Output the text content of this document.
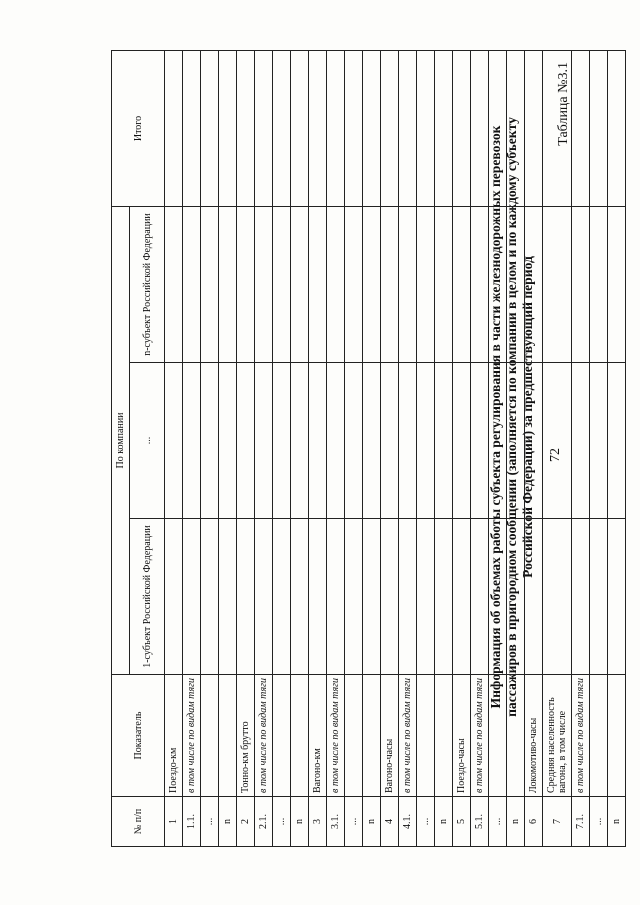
72
Таблица №3.1
Информация об объемах работы субъекта регулирования в части железнодорожных перевозок пассажиров в пригородном сообщении (заполняется по компании в целом и по каждому субъекту Российской Федерации) за предшествующий период
№ п/п	Показатель	По компании			Итого
		1-субъект Российской Федерации	...	n-субъект Российской Федерации	
1	Поездо-км				
1.1.	в том числе по видам тяги				
...					
n					
2	Тонно-км брутто				
2.1.	в том числе по видам тяги				
...					
n					
3	Вагоно-км				
3.1.	в том числе по видам тяги				
...					
n					
4	Вагоно-часы				
4.1.	в том числе по видам тяги				
...					
n					
5	Поездо-часы				
5.1.	в том числе по видам тяги				
...					
n					
6	Локомотиво-часы				
7	Средняя населенность вагона, в том числе				
7.1.	в том числе по видам тяги				
...					
n					
